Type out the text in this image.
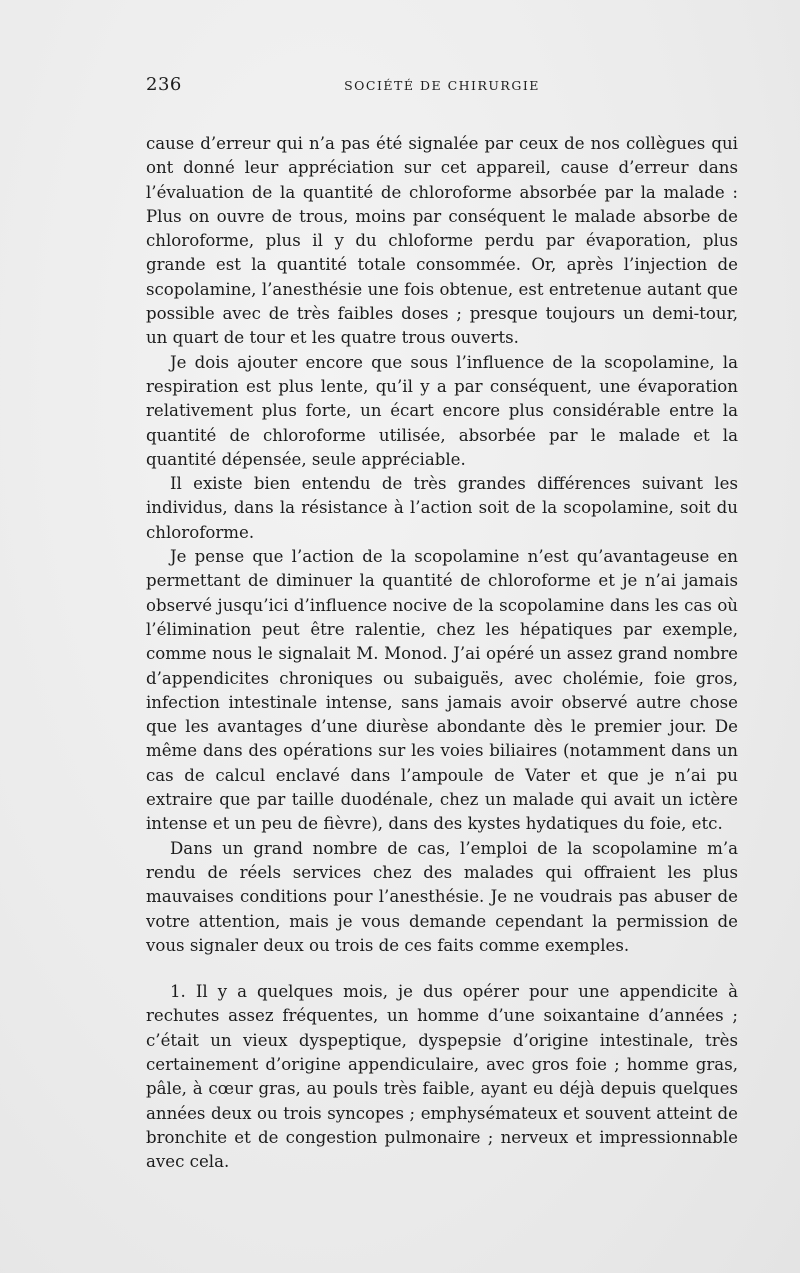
236	SOCIÉTÉ DE CHIRURGIE

cause d’erreur qui n’a pas été signalée par ceux de nos collègues qui ont donné leur appréciation sur cet appareil, cause d’erreur dans l’évaluation de la quantité de chloroforme absorbée par la malade : Plus on ouvre de trous, moins par conséquent le malade absorbe de chloroforme, plus il y du chloforme perdu par évaporation, plus grande est la quantité totale consommée. Or, après l’injection de scopolamine, l’anesthésie une fois obtenue, est entretenue autant que possible avec de très faibles doses ; presque toujours un demi-tour, un quart de tour et les quatre trous ouverts.

Je dois ajouter encore que sous l’influence de la scopolamine, la respiration est plus lente, qu’il y a par conséquent, une évaporation relativement plus forte, un écart encore plus considérable entre la quantité de chloroforme utilisée, absorbée par le malade et la quantité dépensée, seule appréciable.

Il existe bien entendu de très grandes différences suivant les individus, dans la résistance à l’action soit de la scopolamine, soit du chloroforme.

Je pense que l’action de la scopolamine n’est qu’avantageuse en permettant de diminuer la quantité de chloroforme et je n’ai jamais observé jusqu’ici d’influence nocive de la scopolamine dans les cas où l’élimination peut être ralentie, chez les hépatiques par exemple, comme nous le signalait M. Monod. J’ai opéré un assez grand nombre d’appendicites chroniques ou subaiguës, avec cholémie, foie gros, infection intestinale intense, sans jamais avoir observé autre chose que les avantages d’une diurèse abondante dès le premier jour. De même dans des opérations sur les voies biliaires (notamment dans un cas de calcul enclavé dans l’ampoule de Vater et que je n’ai pu extraire que par taille duodénale, chez un malade qui avait un ictère intense et un peu de fièvre), dans des kystes hydatiques du foie, etc.

Dans un grand nombre de cas, l’emploi de la scopolamine m’a rendu de réels services chez des malades qui offraient les plus mauvaises conditions pour l’anesthésie. Je ne voudrais pas abuser de votre attention, mais je vous demande cependant la permission de vous signaler deux ou trois de ces faits comme exemples.

1. Il y a quelques mois, je dus opérer pour une appendicite à rechutes assez fréquentes, un homme d’une soixantaine d’années ; c’était un vieux dyspeptique, dyspepsie d’origine intestinale, très certainement d’origine appendiculaire, avec gros foie ; homme gras, pâle, à cœur gras, au pouls très faible, ayant eu déjà depuis quelques années deux ou trois syncopes ; emphysémateux et souvent atteint de bronchite et de congestion pulmonaire ; nerveux et impressionnable avec cela.
